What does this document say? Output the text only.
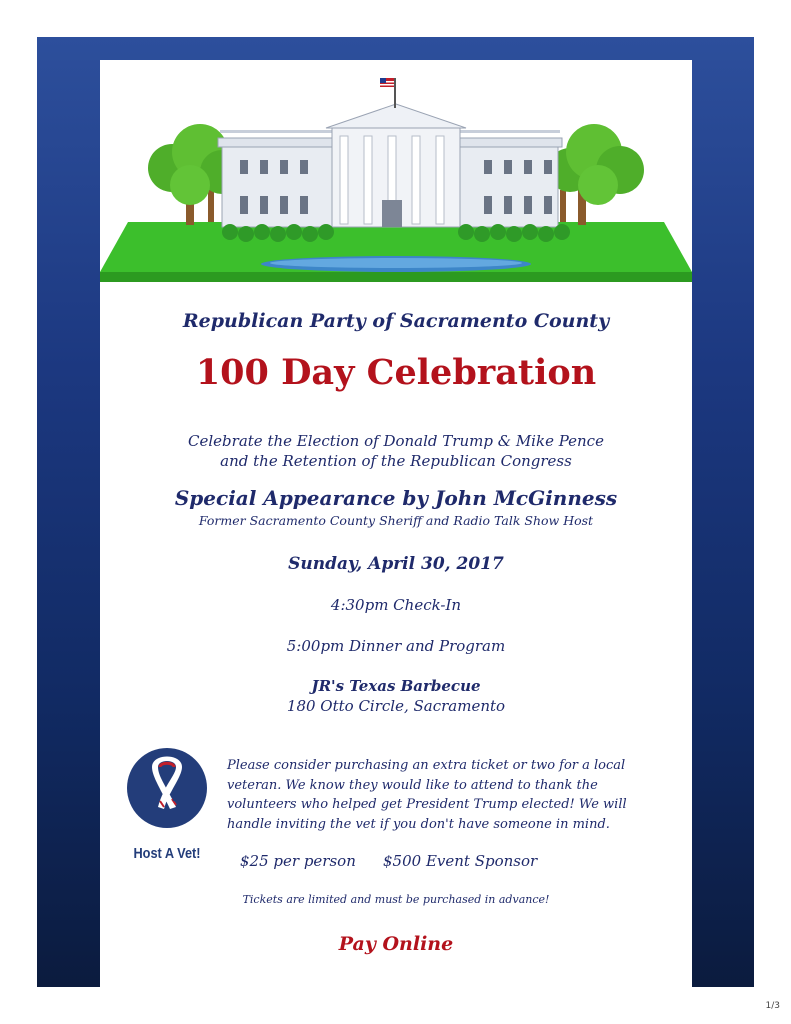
Republican Party of Sacramento County
100 Day Celebration
Celebrate the Election of Donald Trump & Mike Pence
and the Retention of the Republican Congress
Special Appearance by John McGinness
Former Sacramento County Sheriff and Radio Talk Show Host
Sunday, April 30, 2017
4:30pm Check-In
5:00pm Dinner and Program
JR's Texas Barbecue
180 Otto Circle, Sacramento
$25 per person	$500 Event Sponsor
Tickets are limited and must be purchased in advance!
Pay Online
Host A Vet!
Please consider purchasing an extra ticket or two for a local veteran. We know they would like to attend to thank the volunteers who helped get President Trump elected! We will handle inviting the vet if you don't have someone in mind.
1/3
